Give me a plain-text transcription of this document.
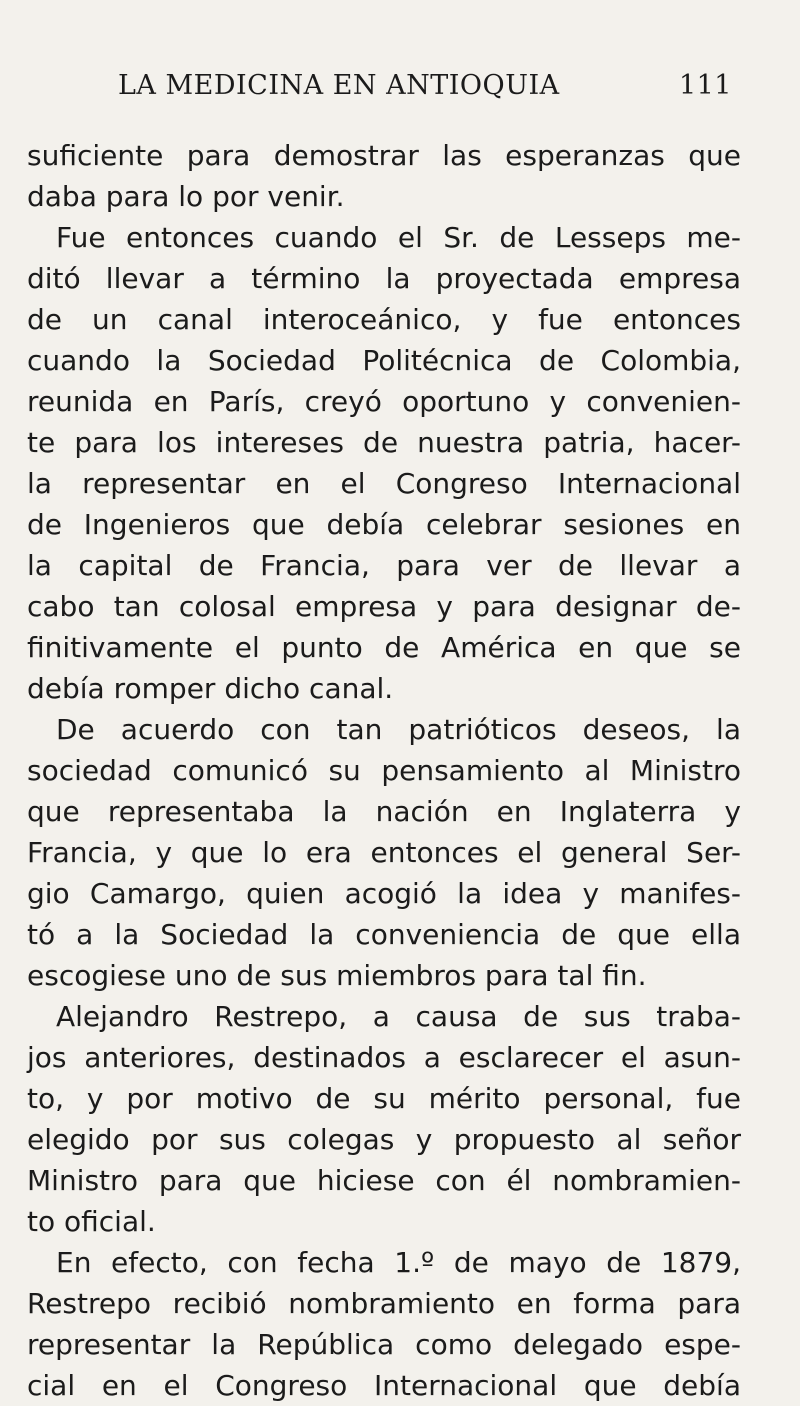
LA MEDICINA EN ANTIOQUIA	111
suficiente para demostrar las esperanzas que
daba para lo por venir.
Fue entonces cuando el Sr. de Lesseps me-
ditó llevar a término la proyectada empresa
de un canal interoceánico, y fue entonces
cuando la Sociedad Politécnica de Colombia,
reunida en París, creyó oportuno y convenien-
te para los intereses de nuestra patria, hacer-
la representar en el Congreso Internacional
de Ingenieros que debía celebrar sesiones en
la capital de Francia, para ver de llevar a
cabo tan colosal empresa y para designar de-
finitivamente el punto de América en que se
debía romper dicho canal.
De acuerdo con tan patrióticos deseos, la
sociedad comunicó su pensamiento al Ministro
que representaba la nación en Inglaterra y
Francia, y que lo era entonces el general Ser-
gio Camargo, quien acogió la idea y manifes-
tó a la Sociedad la conveniencia de que ella
escogiese uno de sus miembros para tal fin.
Alejandro Restrepo, a causa de sus traba-
jos anteriores, destinados a esclarecer el asun-
to, y por motivo de su mérito personal, fue
elegido por sus colegas y propuesto al señor
Ministro para que hiciese con él nombramien-
to oficial.
En efecto, con fecha 1.º de mayo de 1879,
Restrepo recibió nombramiento en forma para
representar la República como delegado espe-
cial en el Congreso Internacional que debía
